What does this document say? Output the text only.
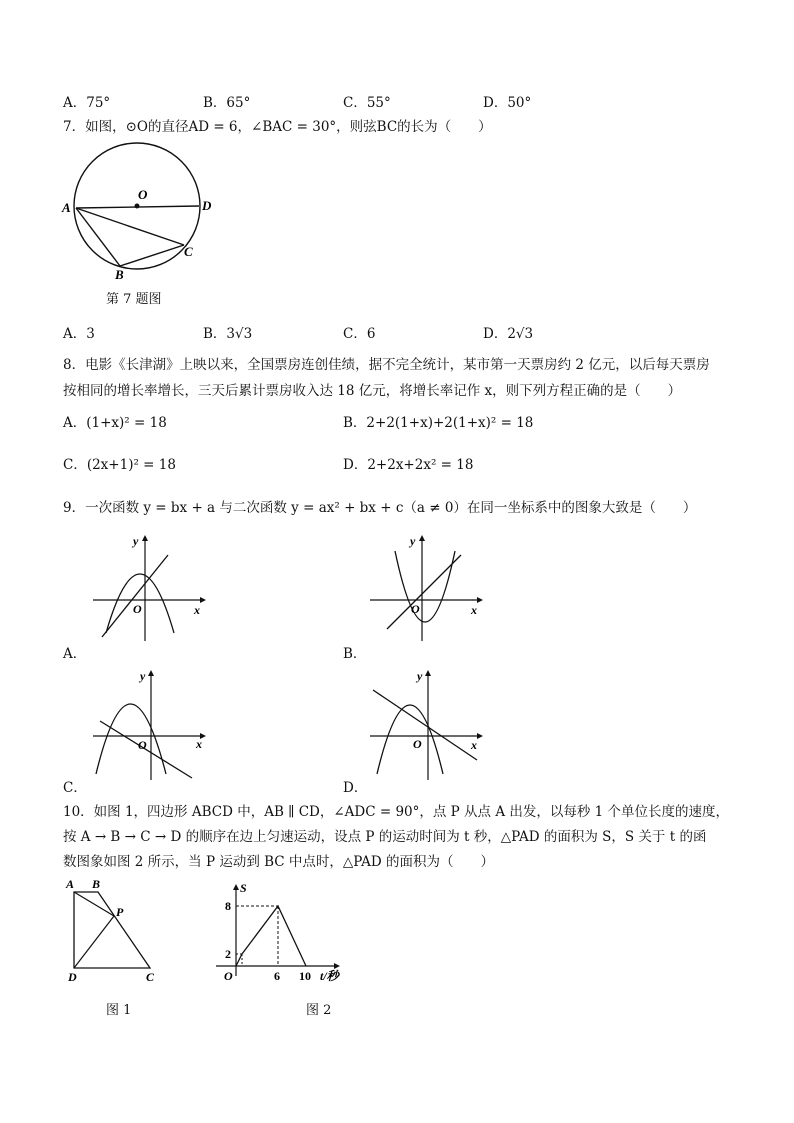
A．75°	B．65°	C．55°	D．50°
7．如图，⊙O的直径AD = 6，∠BAC = 30°，则弦BC的长为（　　）
O
A	D
C
B
第 7 题图
A．3	B．3√3	C．6	D．2√3
8．电影《长津湖》上映以来，全国票房连创佳绩，据不完全统计，某市第一天票房约 2 亿元，以后每天票房
按相同的增长率增长，三天后累计票房收入达 18 亿元，将增长率记作 x，则下列方程正确的是（　　）
A．(1+x)² = 18	B．2+2(1+x)+2(1+x)² = 18
C．(2x+1)² = 18	D．2+2x+2x² = 18
9．一次函数 y = bx + a 与二次函数 y = ax² + bx + c（a ≠ 0）在同一坐标系中的图象大致是（　　）
y
x
O
A．
y
x
O
B．
y
x
O
C．
y
x
O
D．
10．如图 1，四边形 ABCD 中，AB ∥ CD，∠ADC = 90°，点 P 从点 A 出发，以每秒 1 个单位长度的速度，
按 A → B → C → D 的顺序在边上匀速运动，设点 P 的运动时间为 t 秒，△PAD 的面积为 S，S 关于 t 的函
数图象如图 2 所示，当 P 运动到 BC 中点时，△PAD 的面积为（　　）
A B
P
D	C
图 1
S
8
2
O	6 10 t/秒
图 2
